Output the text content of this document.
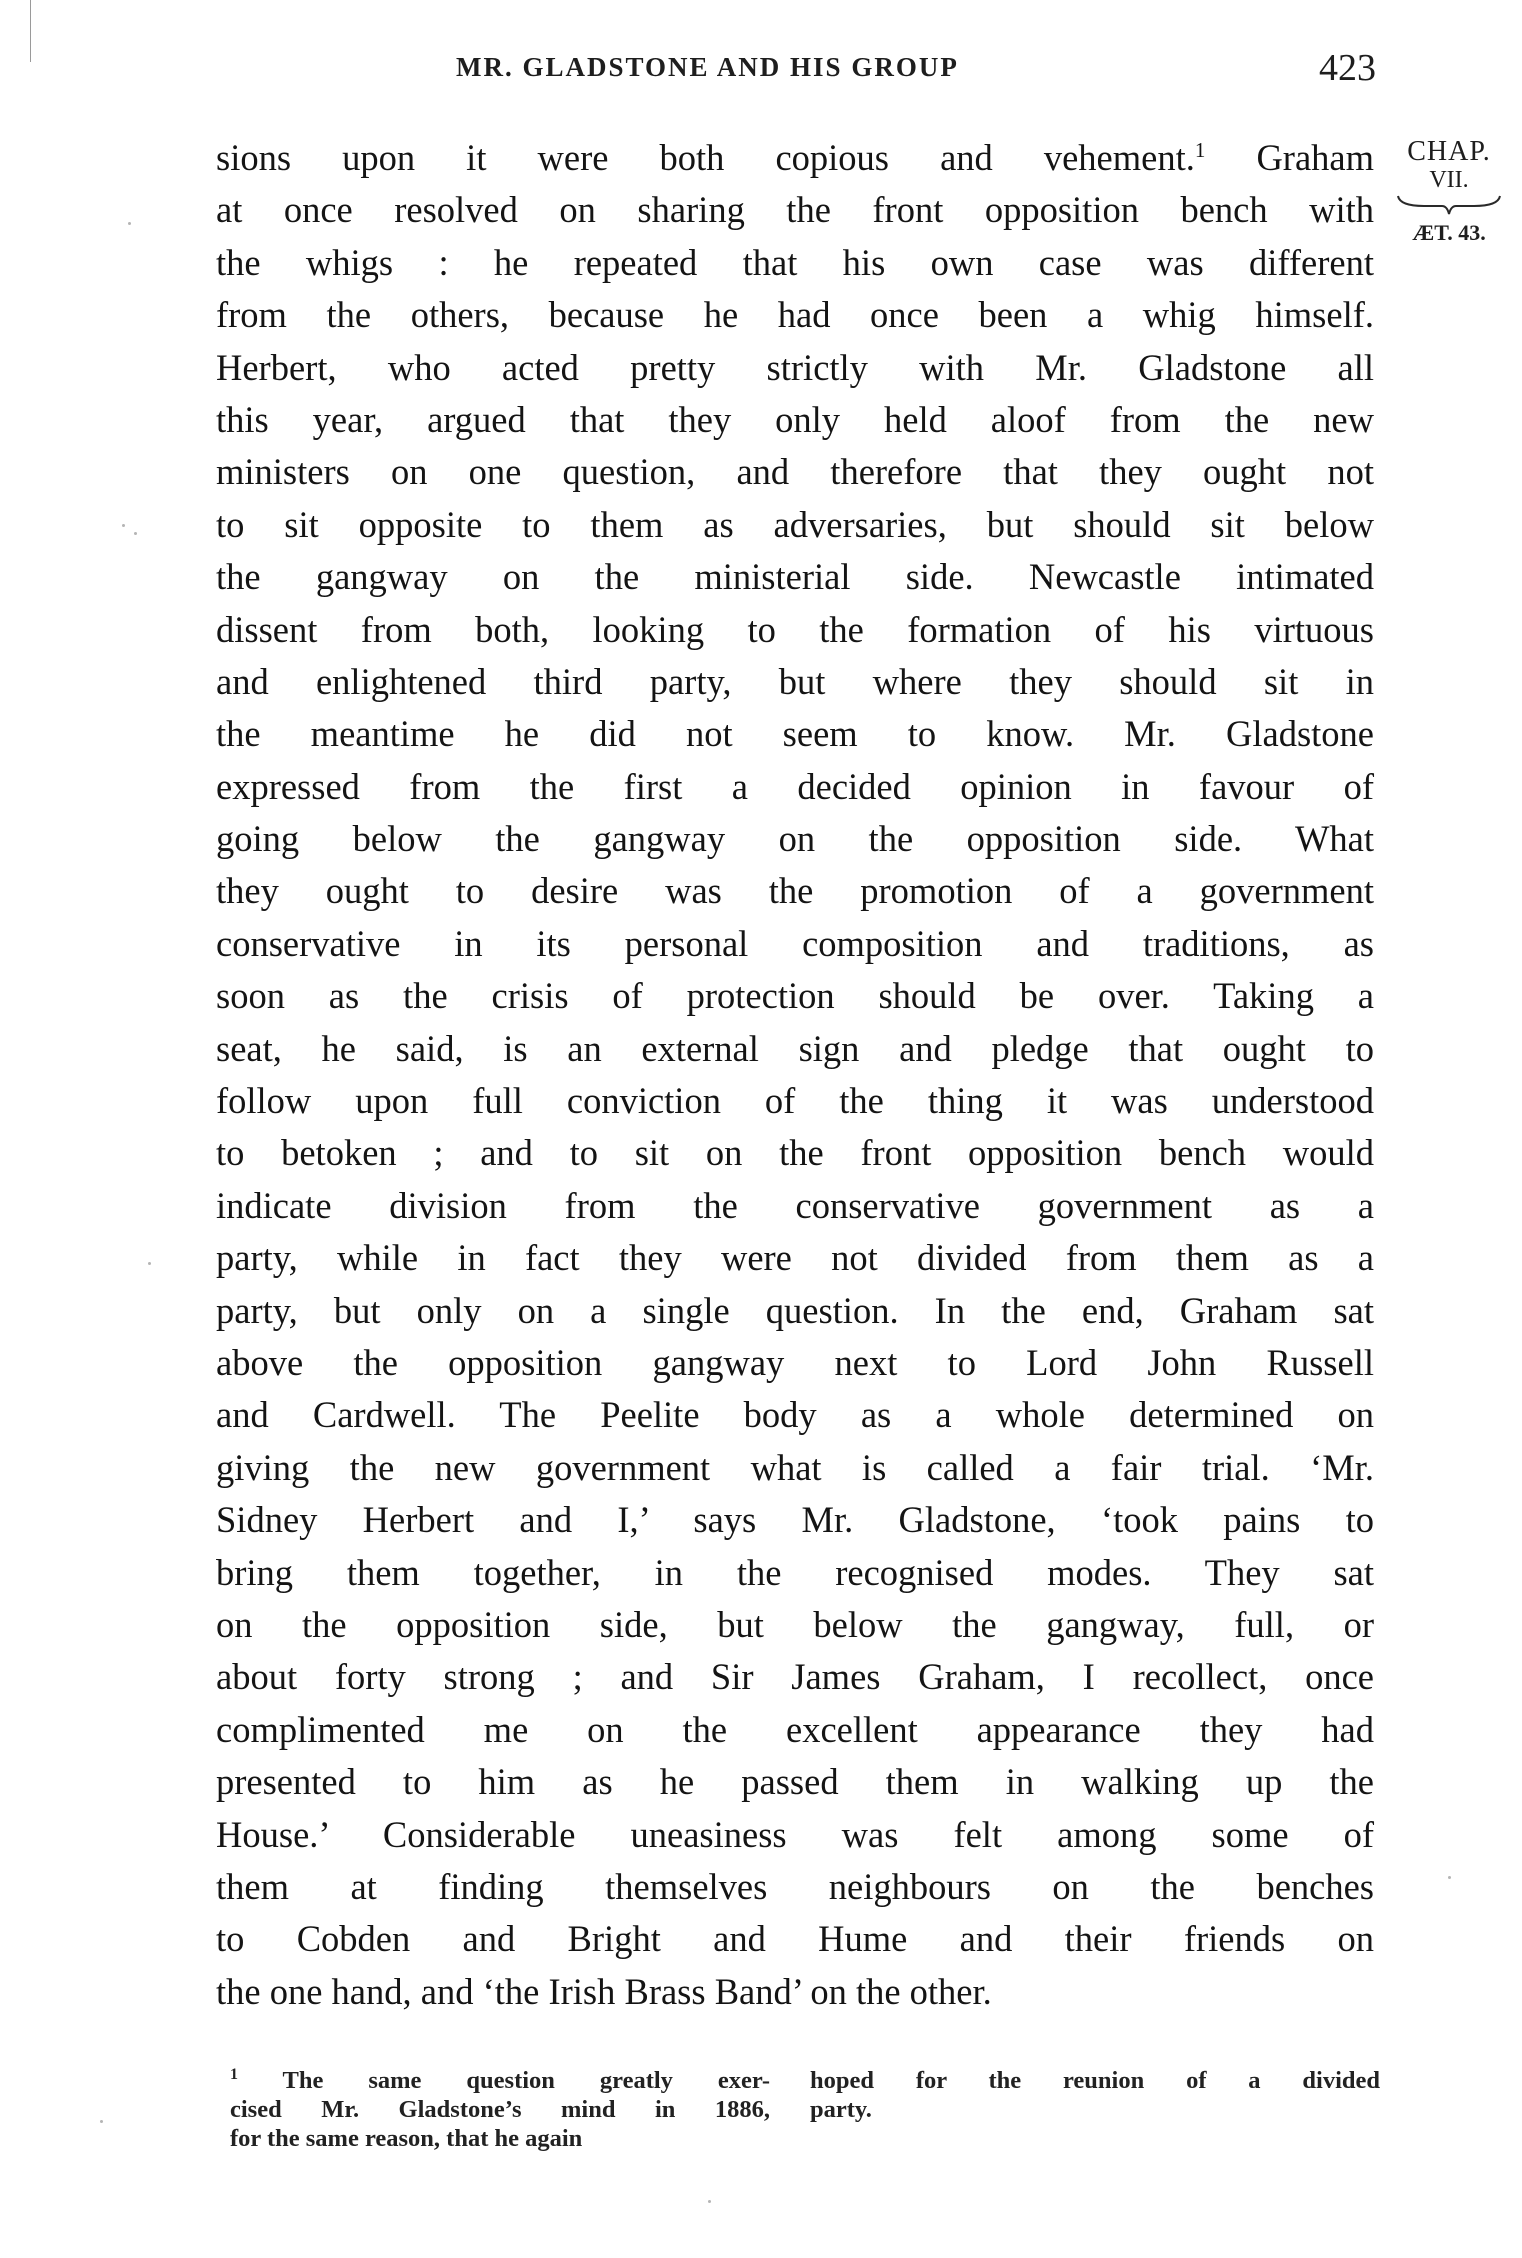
MR. GLADSTONE AND HIS GROUP	423
CHAP.
VII.
ÆT. 43.
sions upon it were both copious and vehement.$^1$ Graham
at once resolved on sharing the front opposition bench with
the whigs : he repeated that his own case was different
from the others, because he had once been a whig himself.
Herbert, who acted pretty strictly with Mr. Gladstone all
this year, argued that they only held aloof from the new
ministers on one question, and therefore that they ought not
to sit opposite to them as adversaries, but should sit below
the gangway on the ministerial side. Newcastle intimated
dissent from both, looking to the formation of his virtuous
and enlightened third party, but where they should sit in
the meantime he did not seem to know. Mr. Gladstone
expressed from the first a decided opinion in favour of
going below the gangway on the opposition side. What
they ought to desire was the promotion of a government
conservative in its personal composition and traditions, as
soon as the crisis of protection should be over. Taking a
seat, he said, is an external sign and pledge that ought to
follow upon full conviction of the thing it was understood
to betoken ; and to sit on the front opposition bench would
indicate division from the conservative government as a
party, while in fact they were not divided from them as a
party, but only on a single question. In the end, Graham sat
above the opposition gangway next to Lord John Russell
and Cardwell. The Peelite body as a whole determined on
giving the new government what is called a fair trial. ‘Mr.
Sidney Herbert and I,’ says Mr. Gladstone, ‘took pains to
bring them together, in the recognised modes. They sat
on the opposition side, but below the gangway, full, or
about forty strong ; and Sir James Graham, I recollect, once
complimented me on the excellent appearance they had
presented to him as he passed them in walking up the
House.’ Considerable uneasiness was felt among some of
them at finding themselves neighbours on the benches
to Cobden and Bright and Hume and their friends on
the one hand, and ‘the Irish Brass Band’ on the other.
$^1$ The same question greatly exer-
cised Mr. Gladstone’s mind in 1886,
for the same reason, that he again
hoped for the reunion of a divided
party.
